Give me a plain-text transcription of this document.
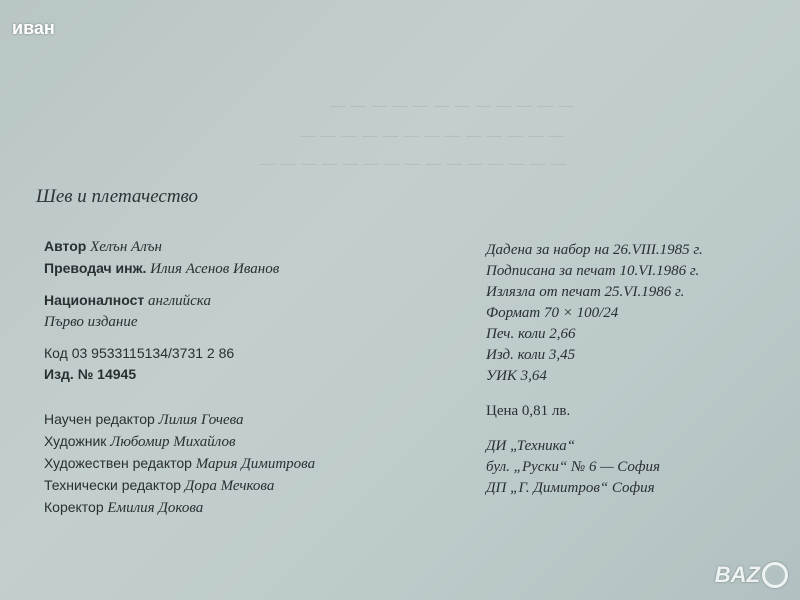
— — — — — — — — — — — —
— — — — — — — — — — — — —
— — — — — — — — — — — — — — —
иван
Шев и плетачество
Автор Хелън Алън
Преводач инж. Илия Асенов Иванов
Националност английска
Първо издание
Код 03 9533115134/3731 2 86
Изд. № 14945
Научен редактор Лилия Гочева
Художник Любомир Михайлов
Художествен редактор Мария Димитрова
Технически редактор Дора Мечкова
Коректор Емилия Докова
Дадена за набор на 26.VIII.1985 г.
Подписана за печат 10.VI.1986 г.
Излязла от печат 25.VI.1986 г.
Формат 70 × 100/24
Печ. коли 2,66
Изд. коли 3,45
УИК 3,64
Цена 0,81 лв.
ДИ „Техника“
бул. „Руски“ № 6 — София
ДП „Г. Димитров“ София
BAZ
